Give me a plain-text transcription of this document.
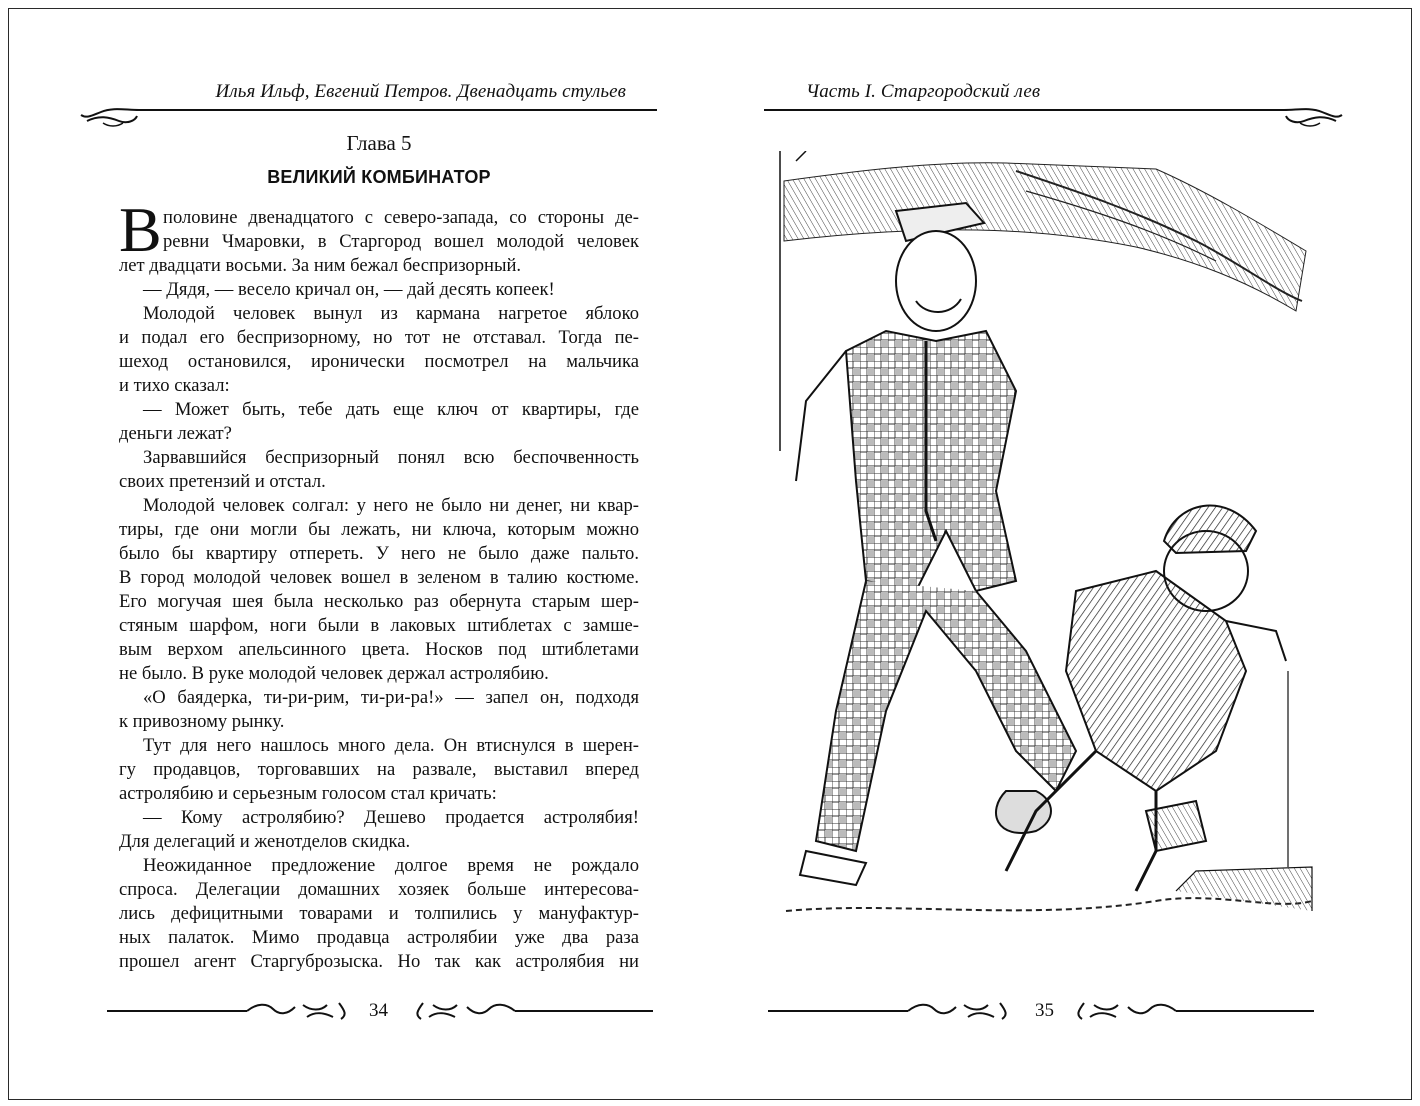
Илья Ильф, Евгений Петров. Двенадцать стульев
Глава 5
ВЕЛИКИЙ КОМБИНАТОР
В половине двенадцатого с северо-запада, со стороны де-
ревни Чмаровки, в Старгород вошел молодой человек
лет двадцати восьми. За ним бежал беспризорный.
— Дядя, — весело кричал он, — дай десять копеек!
Молодой человек вынул из кармана нагретое яблоко
и подал его беспризорному, но тот не отставал. Тогда пе-
шеход остановился, иронически посмотрел на мальчика
и тихо сказал:
— Может быть, тебе дать еще ключ от квартиры, где
деньги лежат?
Зарвавшийся беспризорный понял всю беспочвенность
своих претензий и отстал.
Молодой человек солгал: у него не было ни денег, ни квар-
тиры, где они могли бы лежать, ни ключа, которым можно
было бы квартиру отпереть. У него не было даже пальто.
В город молодой человек вошел в зеленом в талию костюме.
Его могучая шея была несколько раз обернута старым шер-
стяным шарфом, ноги были в лаковых штиблетах с замше-
вым верхом апельсинного цвета. Носков под штиблетами
не было. В руке молодой человек держал астролябию.
«О баядерка, ти-ри-рим, ти-ри-ра!» — запел он, подходя
к привозному рынку.
Тут для него нашлось много дела. Он втиснулся в шерен-
гу продавцов, торговавших на развале, выставил вперед
астролябию и серьезным голосом стал кричать:
— Кому астролябию? Дешево продается астролябия!
Для делегаций и женотделов скидка.
Неожиданное предложение долгое время не рождало
спроса. Делегации домашних хозяек больше интересова-
лись дефицитными товарами и толпились у мануфактур-
ных палаток. Мимо продавца астролябии уже два раза
прошел агент Старгуброзыска. Но так как астролябия ни
34
Часть I. Старгородский лев
35
